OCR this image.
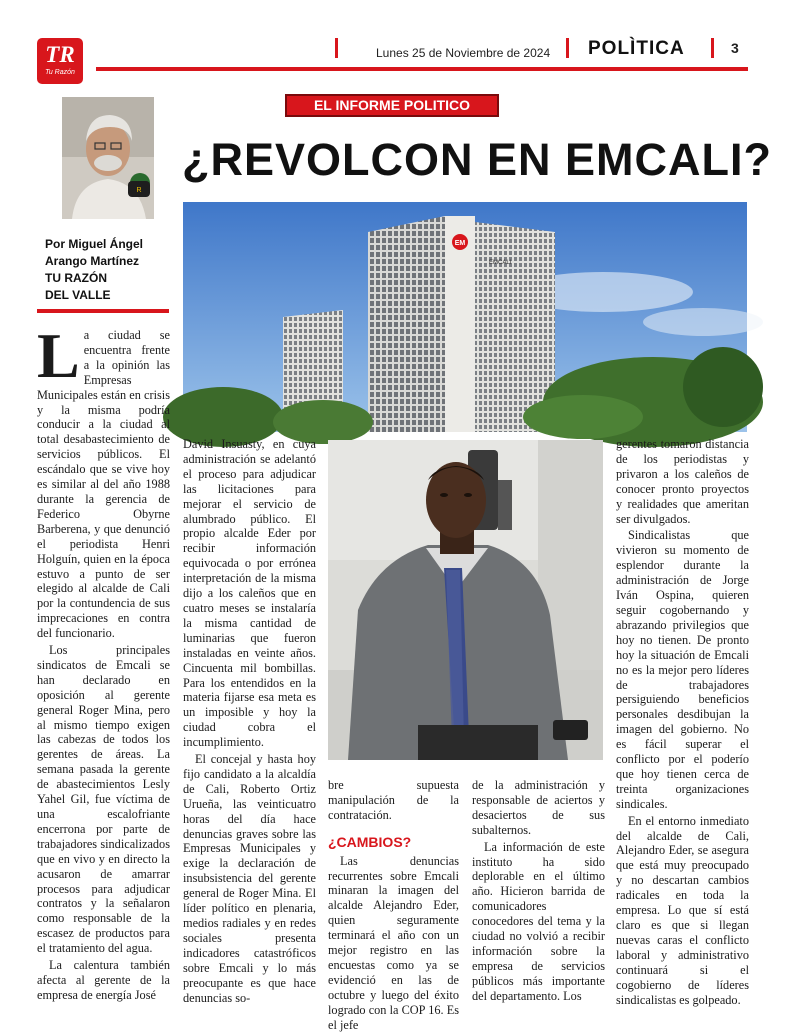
TR
Tu Razón
Lunes 25 de Noviembre de 2024 POLÌTICA	3
R
Por Miguel Ángel
Arango Martínez
TU RAZÓN
DEL VALLE
EL INFORME POLITICO
¿REVOLCON EN EMCALI?
EM
EMCALI

La ciudad se encuentra frente a la opinión las Empresas Municipales están en crisis y la misma podría conducir a la ciudad al total desabastecimiento de servicios públicos. El escándalo que se vive hoy es similar al del año 1988 durante la gerencia de Federico Obyrne Barberena, y que denunció el periodista Henri Holguín, quien en la época estuvo a punto de ser elegido al alcalde de Cali por la contundencia de sus imprecaciones en contra del funcionario.

Los principales sindicatos de Emcali se han declarado en oposición al gerente general Roger Mina, pero al mismo tiempo exigen las cabezas de todos los gerentes de áreas. La semana pasada la gerente de abastecimientos Lesly Yahel Gil, fue víctima de una escalofriante encerrona por parte de trabajadores sindicalizados que en vivo y en directo la acusaron de amarrar procesos para adjudicar contratos y la señalaron como responsable de la escasez de productos para el tratamiento del agua.

La calentura también afecta al gerente de la empresa de energía José

David Insuasty, en cuya administración se adelantó el proceso para adjudicar las licitaciones para mejorar el servicio de alumbrado público. El propio alcalde Eder por recibir información equivocada o por errónea interpretación de la misma dijo a los caleños que en cuatro meses se instalaría la misma cantidad de luminarias que fueron instaladas en veinte años. Cincuenta mil bombillas. Para los entendidos en la materia fijarse esa meta es un imposible y hoy la ciudad cobra el incumplimiento.

El concejal y hasta hoy fijo candidato a la alcaldía de Cali, Roberto Ortiz Urueña, las veinticuatro horas del día hace denuncias graves sobre las Empresas Municipales y exige la declaración de insubsistencia del gerente general de Roger Mina. El líder político en plenaria, medios radiales y en redes sociales presenta indicadores catastróficos sobre Emcali y lo más preocupante es que hace denuncias so-

bre supuesta manipulación de la contratación.

¿CAMBIOS?

Las denuncias recurrentes sobre Emcali minaran la imagen del alcalde Alejandro Eder, quien seguramente terminará el año con un mejor registro en las encuestas como ya se evidenció en las de octubre y luego del éxito logrado con la COP 16. Es el jefe

de la administración y responsable de aciertos y desaciertos de sus subalternos.

La información de este instituto ha sido deplorable en el último año. Hicieron barrida de comunicadores conocedores del tema y la ciudad no volvió a recibir información sobre la empresa de servicios públicos más importante del departamento. Los

gerentes tomaron distancia de los periodistas y privaron a los caleños de conocer pronto proyectos y realidades que ameritan ser divulgados.

Sindicalistas que vivieron su momento de esplendor durante la administración de Jorge Iván Ospina, quieren seguir cogobernando y abrazando privilegios que hoy no tienen. De pronto hoy la situación de Emcali no es la mejor pero líderes de trabajadores persiguiendo beneficios personales desdibujan la imagen del gobierno. No es fácil superar el conflicto por el poderío que hoy tienen cerca de treinta organizaciones sindicales.

En el entorno inmediato del alcalde de Cali, Alejandro Eder, se asegura que está muy preocupado y no descartan cambios radicales en toda la empresa. Lo que sí está claro es que si llegan nuevas caras el conflicto laboral y administrativo continuará si el cogobierno de líderes sindicalistas es golpeado.
